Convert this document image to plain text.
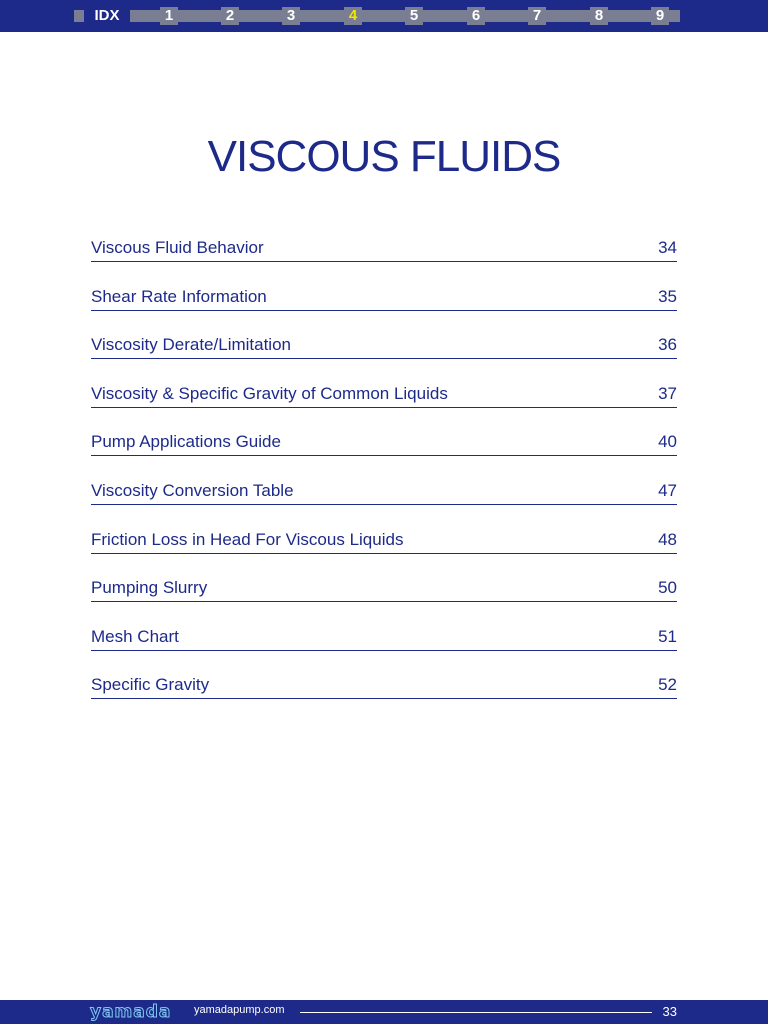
IDX	1	2	3	4	5	6	7	8	9
VISCOUS FLUIDS
Viscous Fluid Behavior	34
Shear Rate Information	35
Viscosity Derate/Limitation	36
Viscosity & Specific Gravity of Common Liquids	37
Pump Applications Guide	40
Viscosity Conversion Table	47
Friction Loss in Head For Viscous Liquids	48
Pumping Slurry	50
Mesh Chart	51
Specific Gravity	52
yamada yamadapump.com	33
